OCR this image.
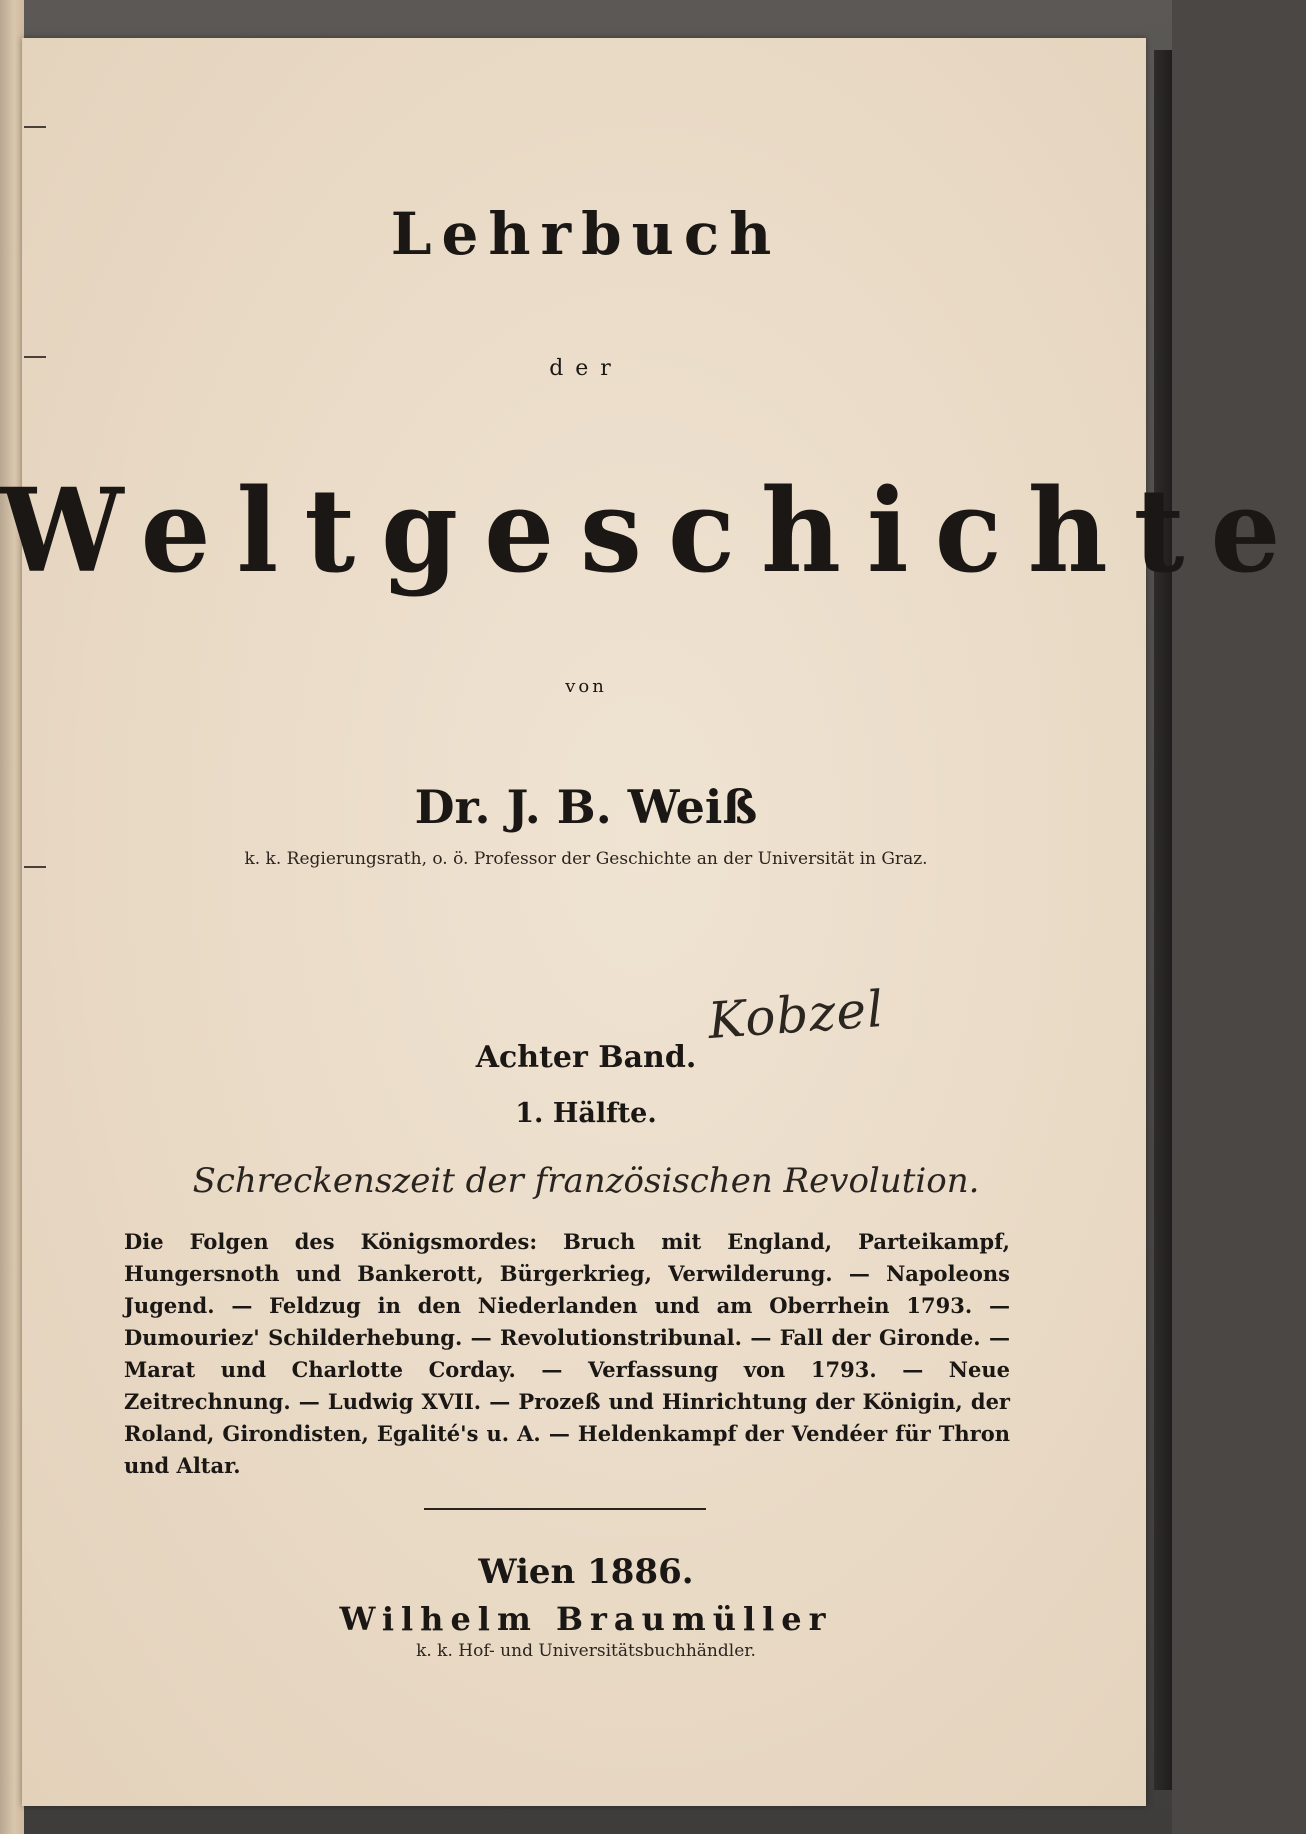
Lehrbuch
der
Weltgeschichte
von
Dr. J. B. Weiß
k. k. Regierungsrath, o. ö. Professor der Geschichte an der Universität in Graz.
Kobzel
Achter Band.
1. Hälfte.
Schreckenszeit der französischen Revolution.
Die Folgen des Königsmordes: Bruch mit England, Parteikampf, Hungersnoth und Bankerott, Bürgerkrieg, Verwilderung. — Napoleons Jugend. — Feldzug in den Niederlanden und am Oberrhein 1793. — Dumouriez' Schilderhebung. — Revolutionstribunal. — Fall der Gironde. — Marat und Charlotte Corday. — Verfassung von 1793. — Neue Zeitrechnung. — Ludwig XVII. — Prozeß und Hinrichtung der Königin, der Roland, Girondisten, Egalité's u. A. — Heldenkampf der Vendéer für Thron und Altar.
Wien 1886.
Wilhelm Braumüller
k. k. Hof- und Universitätsbuchhändler.
